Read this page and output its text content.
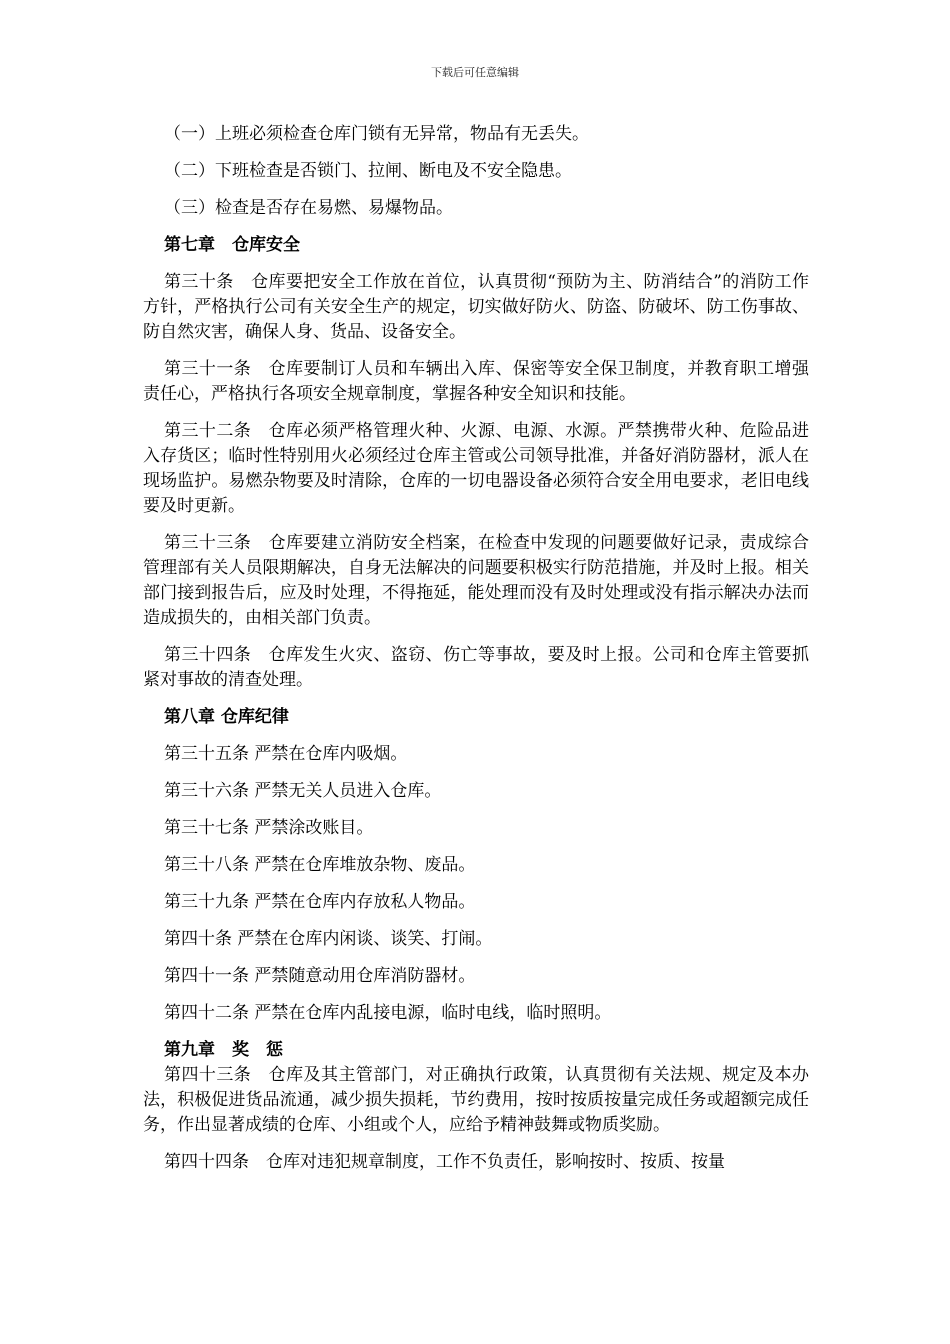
下载后可任意编辑

（一）上班必须检查仓库门锁有无异常，物品有无丢失。

（二）下班检查是否锁门、拉闸、断电及不安全隐患。

（三）检查是否存在易燃、易爆物品。

第七章　仓库安全

第三十条　仓库要把安全工作放在首位，认真贯彻“预防为主、防消结合”的消防工作方针，严格执行公司有关安全生产的规定，切实做好防火、防盗、防破坏、防工伤事故、防自然灾害，确保人身、货品、设备安全。

第三十一条　仓库要制订人员和车辆出入库、保密等安全保卫制度，并教育职工增强责任心，严格执行各项安全规章制度，掌握各种安全知识和技能。

第三十二条　仓库必须严格管理火种、火源、电源、水源。严禁携带火种、危险品进入存货区；临时性特别用火必须经过仓库主管或公司领导批准，并备好消防器材，派人在现场监护。易燃杂物要及时清除，仓库的一切电器设备必须符合安全用电要求，老旧电线要及时更新。

第三十三条　仓库要建立消防安全档案，在检查中发现的问题要做好记录，责成综合管理部有关人员限期解决，自身无法解决的问题要积极实行防范措施，并及时上报。相关部门接到报告后，应及时处理，不得拖延，能处理而没有及时处理或没有指示解决办法而造成损失的，由相关部门负责。

第三十四条　仓库发生火灾、盗窃、伤亡等事故，要及时上报。公司和仓库主管要抓紧对事故的清查处理。

第八章 仓库纪律

第三十五条 严禁在仓库内吸烟。

第三十六条 严禁无关人员进入仓库。

第三十七条 严禁涂改账目。

第三十八条 严禁在仓库堆放杂物、废品。

第三十九条 严禁在仓库内存放私人物品。

第四十条 严禁在仓库内闲谈、谈笑、打闹。

第四十一条 严禁随意动用仓库消防器材。

第四十二条 严禁在仓库内乱接电源，临时电线，临时照明。

第九章　奖　惩

第四十三条　仓库及其主管部门，对正确执行政策，认真贯彻有关法规、规定及本办法，积极促进货品流通，减少损失损耗，节约费用，按时按质按量完成任务或超额完成任务，作出显著成绩的仓库、小组或个人，应给予精神鼓舞或物质奖励。

第四十四条　仓库对违犯规章制度，工作不负责任，影响按时、按质、按量
